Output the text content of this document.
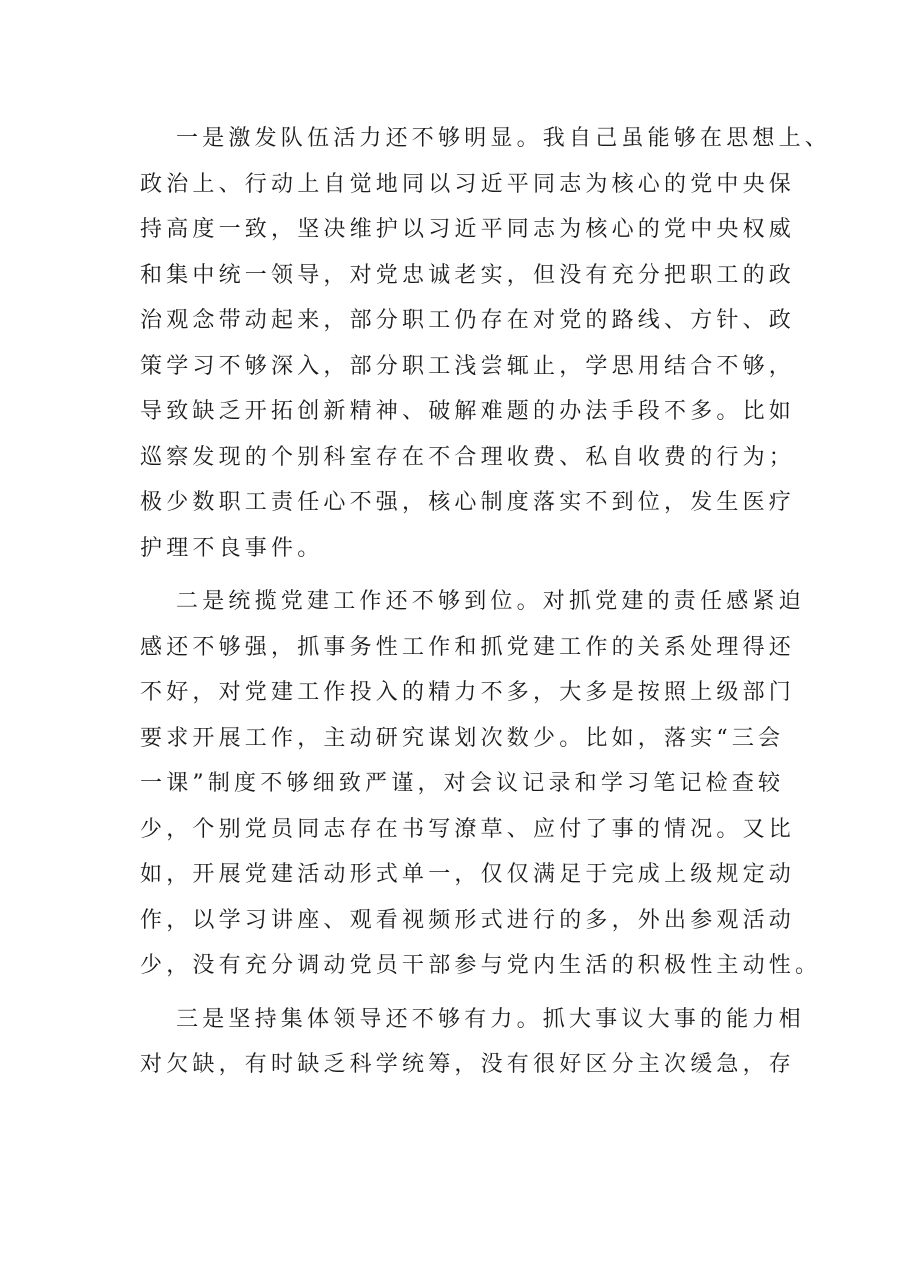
一是激发队伍活力还不够明显。我自己虽能够在思想上、
政治上、行动上自觉地同以习近平同志为核心的党中央保
持高度一致，坚决维护以习近平同志为核心的党中央权威
和集中统一领导，对党忠诚老实，但没有充分把职工的政
治观念带动起来，部分职工仍存在对党的路线、方针、政
策学习不够深入，部分职工浅尝辄止，学思用结合不够，
导致缺乏开拓创新精神、破解难题的办法手段不多。比如
巡察发现的个别科室存在不合理收费、私自收费的行为；
极少数职工责任心不强，核心制度落实不到位，发生医疗
护理不良事件。
二是统揽党建工作还不够到位。对抓党建的责任感紧迫
感还不够强，抓事务性工作和抓党建工作的关系处理得还
不好，对党建工作投入的精力不多，大多是按照上级部门
要求开展工作，主动研究谋划次数少。比如，落实“三会
一课”制度不够细致严谨，对会议记录和学习笔记检查较
少，个别党员同志存在书写潦草、应付了事的情况。又比
如，开展党建活动形式单一，仅仅满足于完成上级规定动
作，以学习讲座、观看视频形式进行的多，外出参观活动
少，没有充分调动党员干部参与党内生活的积极性主动性。
三是坚持集体领导还不够有力。抓大事议大事的能力相
对欠缺，有时缺乏科学统筹，没有很好区分主次缓急，存
